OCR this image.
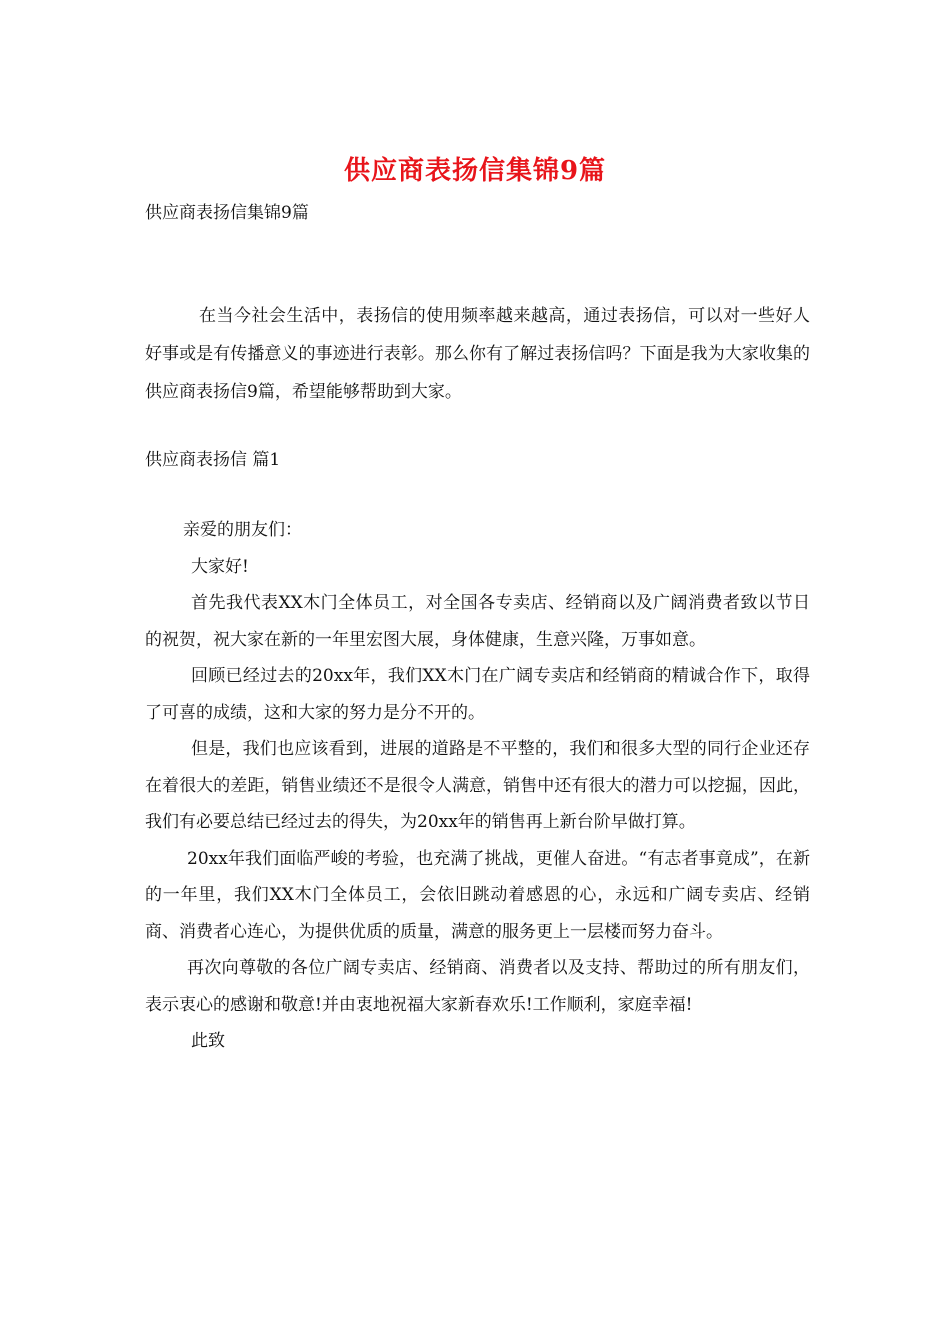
供应商表扬信集锦9篇

供应商表扬信集锦9篇

在当今社会生活中，表扬信的使用频率越来越高，通过表扬信，可以对一些好人好事或是有传播意义的事迹进行表彰。那么你有了解过表扬信吗？下面是我为大家收集的供应商表扬信9篇，希望能够帮助到大家。

供应商表扬信 篇1

亲爱的朋友们：

大家好!

首先我代表XX木门全体员工，对全国各专卖店、经销商以及广阔消费者致以节日的祝贺，祝大家在新的一年里宏图大展，身体健康，生意兴隆，万事如意。

回顾已经过去的20xx年，我们XX木门在广阔专卖店和经销商的精诚合作下，取得了可喜的成绩，这和大家的努力是分不开的。

但是，我们也应该看到，进展的道路是不平整的，我们和很多大型的同行企业还存在着很大的差距，销售业绩还不是很令人满意，销售中还有很大的潜力可以挖掘，因此，我们有必要总结已经过去的得失，为20xx年的销售再上新台阶早做打算。

20xx年我们面临严峻的考验，也充满了挑战，更催人奋进。“有志者事竟成”，在新的一年里，我们XX木门全体员工，会依旧跳动着感恩的心，永远和广阔专卖店、经销商、消费者心连心，为提供优质的质量，满意的服务更上一层楼而努力奋斗。

再次向尊敬的各位广阔专卖店、经销商、消费者以及支持、帮助过的所有朋友们，表示衷心的感谢和敬意!并由衷地祝福大家新春欢乐!工作顺利，家庭幸福!

此致
